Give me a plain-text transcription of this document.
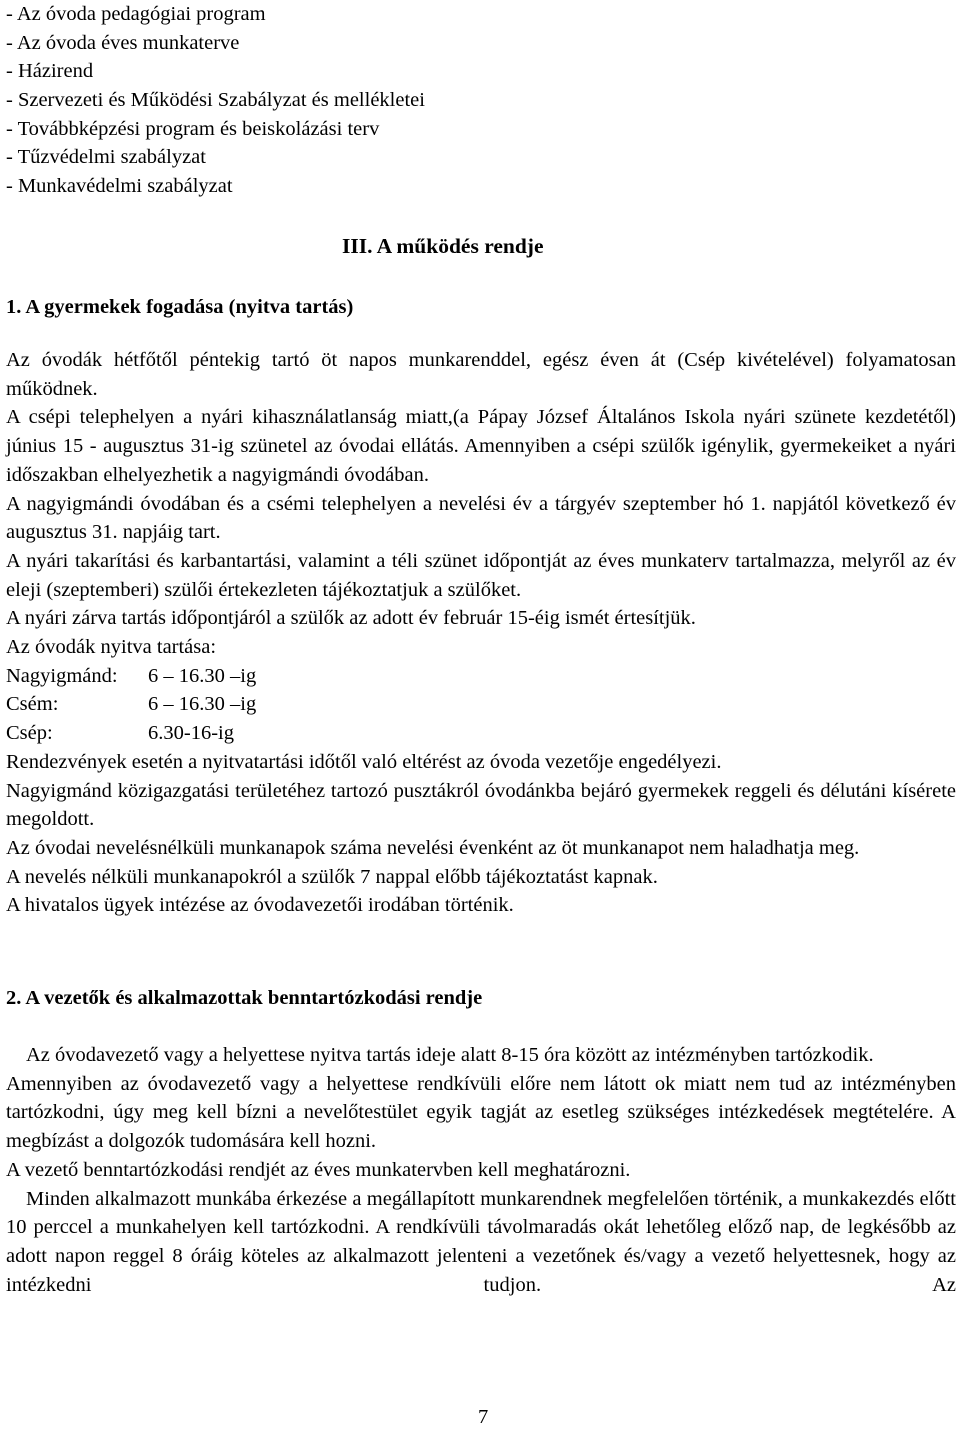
- Az óvoda pedagógiai program
- Az óvoda éves munkaterve
- Házirend
- Szervezeti és Működési Szabályzat és mellékletei
- Továbbképzési program és beiskolázási terv
- Tűzvédelmi szabályzat
- Munkavédelmi szabályzat
III. A működés rendje
1. A gyermekek fogadása (nyitva tartás)

Az óvodák hétfőtől péntekig tartó öt napos munkarenddel, egész éven át (Csép kivételével) folyamatosan működnek.

A csépi telephelyen a nyári kihasználatlanság miatt,(a Pápay József Általános Iskola nyári szünete kezdetétől) június 15 - augusztus 31-ig szünetel az óvodai ellátás. Amennyiben a csépi szülők igénylik, gyermekeiket a nyári időszakban elhelyezhetik a nagyigmándi óvodában.

A nagyigmándi óvodában és a csémi telephelyen a nevelési év a tárgyév szeptember hó 1. napjától következő év augusztus 31. napjáig tart.

A nyári takarítási és karbantartási, valamint a téli szünet időpontját az éves munkaterv tartalmazza, melyről az év eleji (szeptemberi) szülői értekezleten tájékoztatjuk a szülőket.

A nyári zárva tartás időpontjáról a szülők az adott év február 15-éig ismét értesítjük.

Az óvodák nyitva tartása:

Nagyigmánd:	6 – 16.30 –ig
Csém:	6 – 16.30 –ig
Csép:	6.30-16-ig

Rendezvények esetén a nyitvatartási időtől való eltérést az óvoda vezetője engedélyezi.

Nagyigmánd közigazgatási területéhez tartozó pusztákról óvodánkba bejáró gyermekek reggeli és délutáni kísérete megoldott.

Az óvodai nevelésnélküli munkanapok száma nevelési évenként az öt munkanapot nem haladhatja meg.

A nevelés nélküli munkanapokról a szülők 7 nappal előbb tájékoztatást kapnak.

A hivatalos ügyek intézése az óvodavezetői irodában történik.

2. A vezetők és alkalmazottak benntartózkodási rendje

Az óvodavezető vagy a helyettese nyitva tartás ideje alatt 8-15 óra között az intézményben tartózkodik.

Amennyiben az óvodavezető vagy a helyettese rendkívüli előre nem látott ok miatt nem tud az intézményben tartózkodni, úgy meg kell bízni a nevelőtestület egyik tagját az esetleg szükséges intézkedések megtételére. A megbízást a dolgozók tudomására kell hozni.

A vezető benntartózkodási rendjét az éves munkatervben kell meghatározni.

Minden alkalmazott munkába érkezése a megállapított munkarendnek megfelelően történik, a munkakezdés előtt 10 perccel a munkahelyen kell tartózkodni. A rendkívüli távolmaradás okát lehetőleg előző nap, de legkésőbb az adott napon reggel 8 óráig köteles az alkalmazott jelenteni a vezetőnek és/vagy a vezető helyettesnek, hogy az intézkedni tudjon. Az

7
